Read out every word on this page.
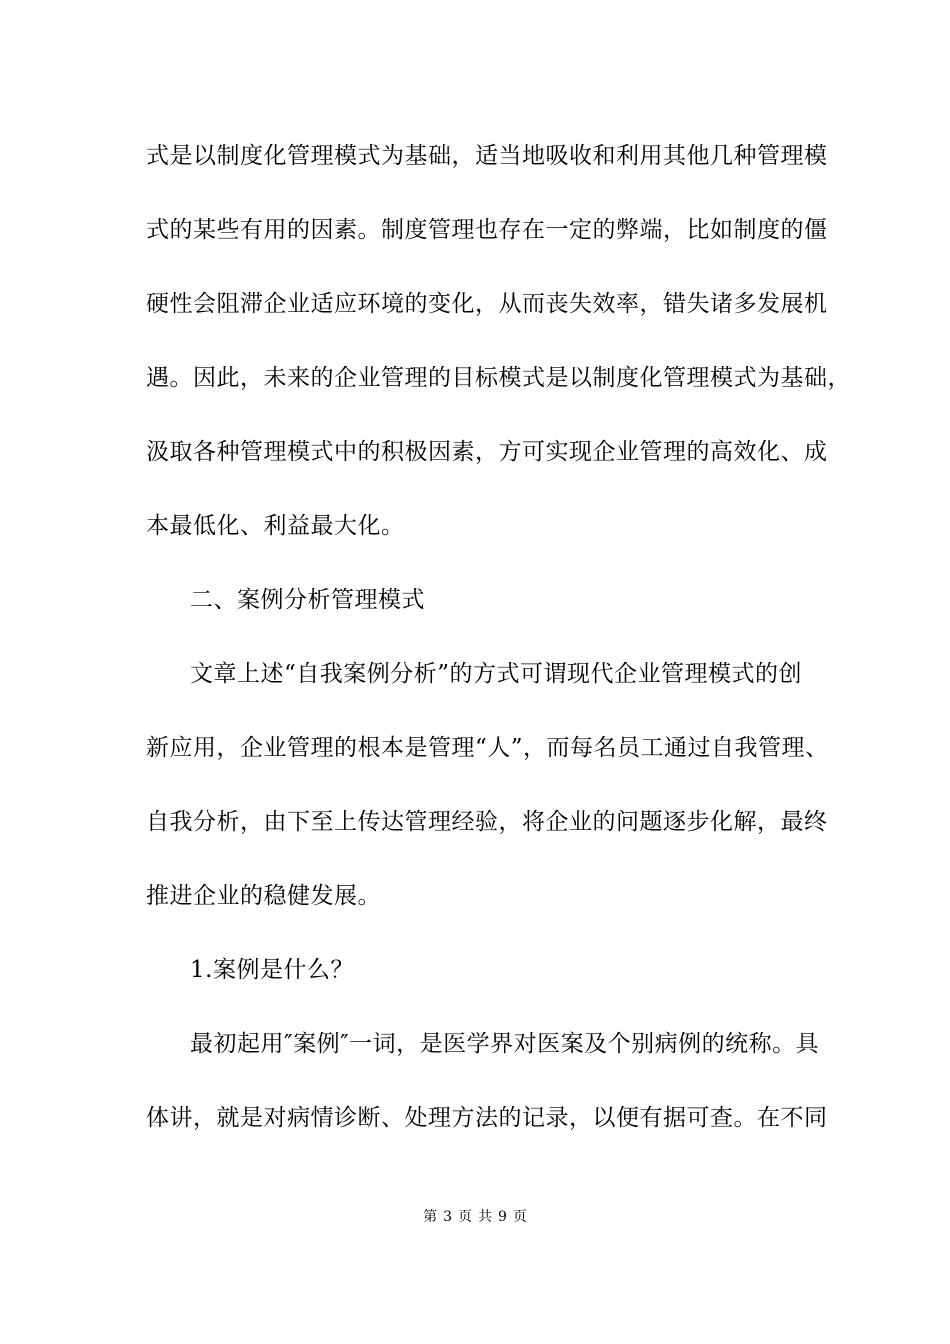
式是以制度化管理模式为基础，适当地吸收和利用其他几种管理模
式的某些有用的因素。制度管理也存在一定的弊端，比如制度的僵
硬性会阻滞企业适应环境的变化，从而丧失效率，错失诸多发展机
遇。因此，未来的企业管理的目标模式是以制度化管理模式为基础，
汲取各种管理模式中的积极因素，方可实现企业管理的高效化、成
本最低化、利益最大化。
二、案例分析管理模式
文章上述“自我案例分析”的方式可谓现代企业管理模式的创
新应用，企业管理的根本是管理“人”，而每名员工通过自我管理、
自我分析，由下至上传达管理经验，将企业的问题逐步化解，最终
推进企业的稳健发展。
1.案例是什么？
最初起用″案例″一词，是医学界对医案及个别病例的统称。具
体讲，就是对病情诊断、处理方法的记录，以便有据可查。在不同
第 3 页 共 9 页
